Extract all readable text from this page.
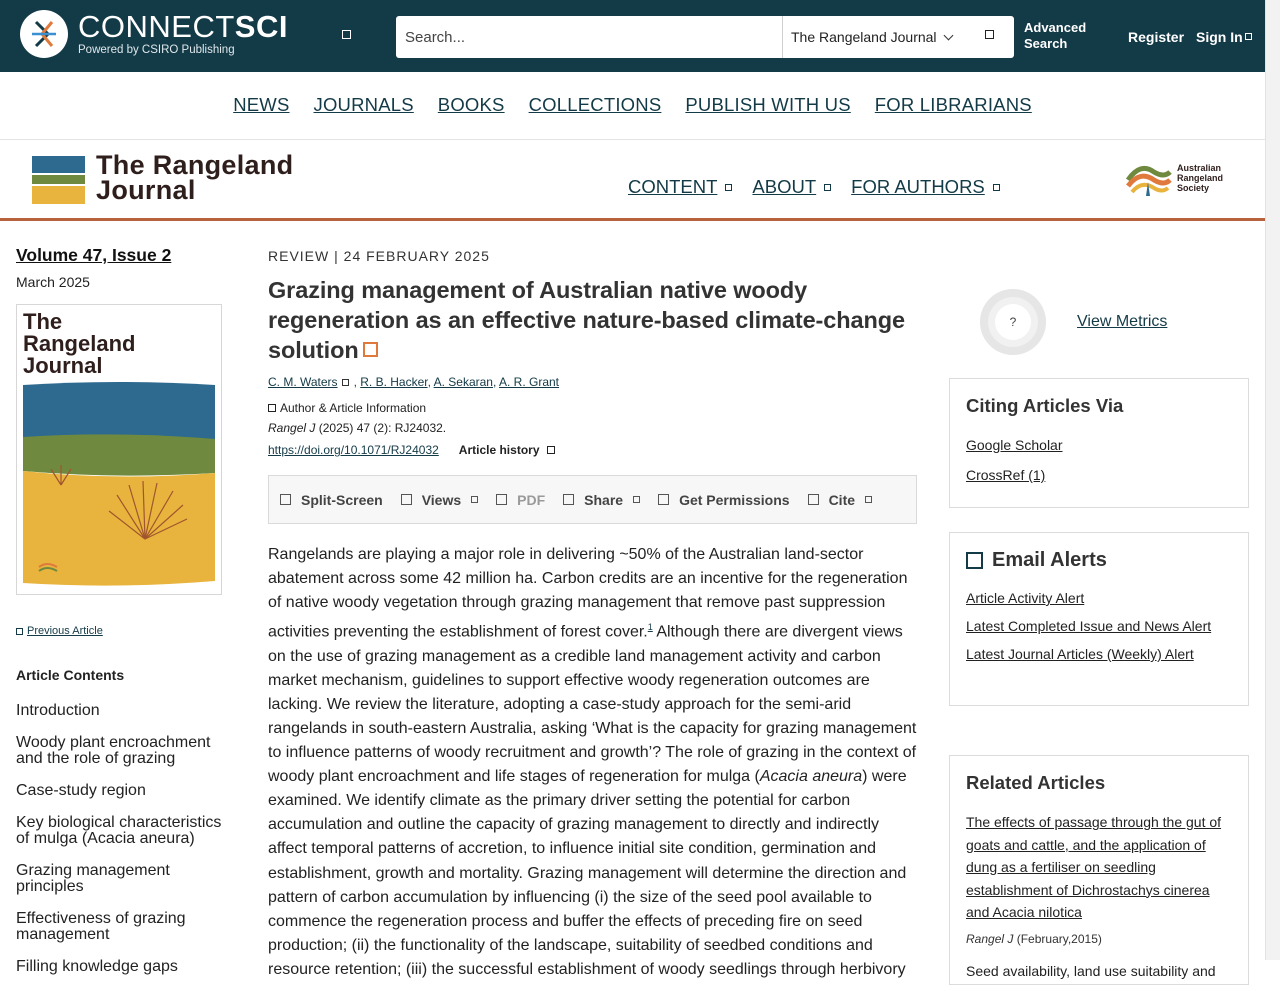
CONNECTSCI
Powered by CSIRO Publishing
Search...
The Rangeland Journal
Advanced
Search	Register Sign In
NEWS JOURNALS BOOKS COLLECTIONS PUBLISH WITH US FOR LIBRARIANS
The Rangeland
Journal	CONTENT ABOUT FOR AUTHORS
Australian
Rangeland
Society
Volume 47, Issue 2
March 2025
The
Rangeland
Journal
Previous Article
Article Contents
Introduction
Woody plant encroachment and the role of grazing
Case-study region
Key biological characteristics of mulga (Acacia aneura)
Grazing management principles
Effectiveness of grazing management
Filling knowledge gaps
REVIEW | 24 FEBRUARY 2025
Grazing management of Australian native woody regeneration as an effective nature-based climate-change solution
C. M. Waters , R. B. Hacker, A. Sekaran, A. R. Grant
Author & Article Information
Rangel J (2025) 47 (2): RJ24032.
https://doi.org/10.1071/RJ24032 Article history
Split-Screen	Views	PDF	Share	Get Permissions	Cite

Rangelands are playing a major role in delivering ~50% of the Australian land-sector abatement across some 42 million ha. Carbon credits are an incentive for the regeneration of native woody vegetation through grazing management that remove past suppression activities preventing the establishment of forest cover.$^1$ Although there are divergent views on the use of grazing management as a credible land management activity and carbon market mechanism, guidelines to support effective woody regeneration outcomes are lacking. We review the literature, adopting a case-study approach for the semi-arid rangelands in south-eastern Australia, asking ‘What is the capacity for grazing management to influence patterns of woody recruitment and growth’? The role of grazing in the context of woody plant encroachment and life stages of regeneration for mulga (Acacia aneura) were examined. We identify climate as the primary driver setting the potential for carbon accumulation and outline the capacity of grazing management to directly and indirectly affect temporal patterns of accretion, to influence initial site condition, germination and establishment, growth and mortality. Grazing management will determine the direction and pattern of carbon accumulation by influencing (i) the size of the seed pool available to commence the regeneration process and buffer the effects of preceding fire on seed production; (ii) the functionality of the landscape, suitability of seedbed conditions and resource retention; (iii) the successful establishment of woody seedlings through herbivory

?	View Metrics
Citing Articles Via
Google Scholar
CrossRef (1)
Email Alerts
Article Activity Alert
Latest Completed Issue and News Alert
Latest Journal Articles (Weekly) Alert
Related Articles
The effects of passage through the gut of goats and cattle, and the application of dung as a fertiliser on seedling establishment of Dichrostachys cinerea and Acacia nilotica
Rangel J (February,2015)
Seed availability, land use suitability and
